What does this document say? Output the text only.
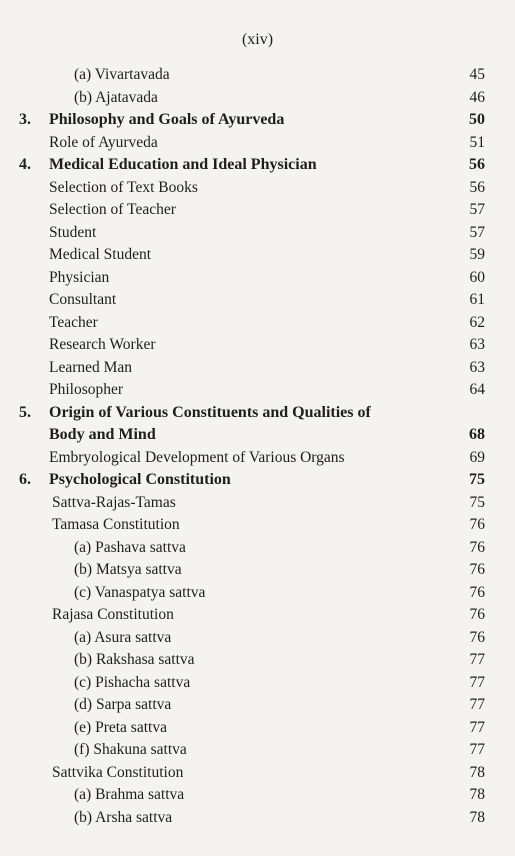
(xiv)
(a) Vivartavada	45
(b) Ajatavada	46
3. Philosophy and Goals of Ayurveda	50
Role of Ayurveda	51
4. Medical Education and Ideal Physician	56
Selection of Text Books	56
Selection of Teacher	57
Student	57
Medical Student	59
Physician	60
Consultant	61
Teacher	62
Research Worker	63
Learned Man	63
Philosopher	64
5. Origin of Various Constituents and Qualities of
Body and Mind	68
Embryological Development of Various Organs	69
6. Psychological Constitution	75
Sattva-Rajas-Tamas	75
Tamasa Constitution	76
(a) Pashava sattva	76
(b) Matsya sattva	76
(c) Vanaspatya sattva	76
Rajasa Constitution	76
(a) Asura sattva	76
(b) Rakshasa sattva	77
(c) Pishacha sattva	77
(d) Sarpa sattva	77
(e) Preta sattva	77
(f) Shakuna sattva	77
Sattvika Constitution	78
(a) Brahma sattva	78
(b) Arsha sattva	78
